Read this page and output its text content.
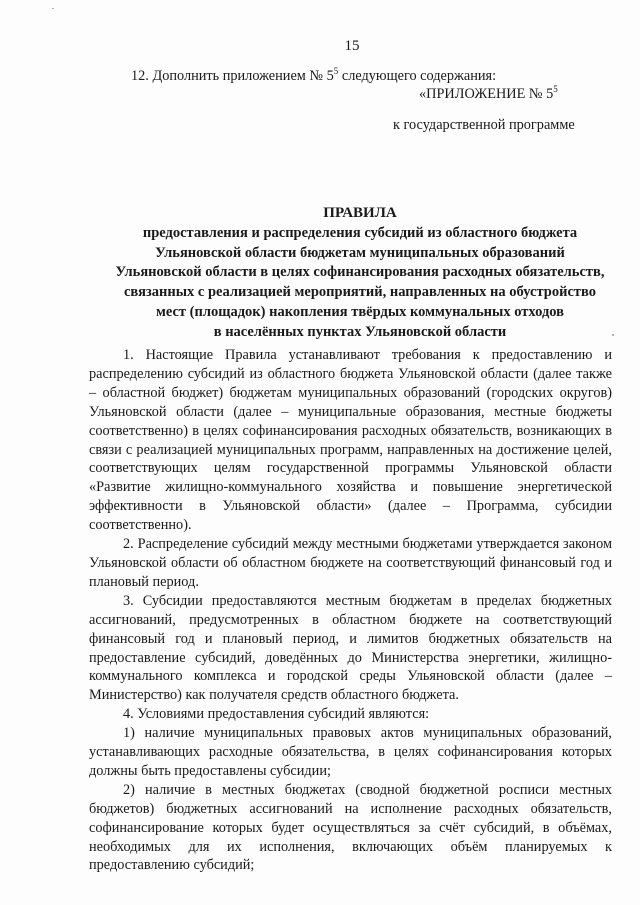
15
12. Дополнить приложением № $5^5$ следующего содержания:
«ПРИЛОЖЕНИЕ № $5^5$
к государственной программе
ПРАВИЛА
предоставления и распределения субсидий из областного бюджета
Ульяновской области бюджетам муниципальных образований
Ульяновской области в целях софинансирования расходных обязательств,
связанных с реализацией мероприятий, направленных на обустройство
мест (площадок) накопления твёрдых коммунальных отходов
в населённых пунктах Ульяновской области

1. Настоящие Правила устанавливают требования к предоставлению и распределению субсидий из областного бюджета Ульяновской области (далее также – областной бюджет) бюджетам муниципальных образований (городских округов) Ульяновской области (далее – муниципальные образования, местные бюджеты соответственно) в целях софинансирования расходных обязательств, возникающих в связи с реализацией муниципальных программ, направленных на достижение целей, соответствующих целям государственной программы Ульяновской области «Развитие жилищно-коммунального хозяйства и повышение энергетической эффективности в Ульяновской области» (далее – Программа, субсидии соответственно).

2. Распределение субсидий между местными бюджетами утверждается законом Ульяновской области об областном бюджете на соответствующий финансовый год и плановый период.

3. Субсидии предоставляются местным бюджетам в пределах бюджетных ассигнований, предусмотренных в областном бюджете на соответствующий финансовый год и плановый период, и лимитов бюджетных обязательств на предоставление субсидий, доведённых до Министерства энергетики, жилищно-коммунального комплекса и городской среды Ульяновской области (далее – Министерство) как получателя средств областного бюджета.

4. Условиями предоставления субсидий являются:

1) наличие муниципальных правовых актов муниципальных образований, устанавливающих расходные обязательства, в целях софинансирования которых должны быть предоставлены субсидии;

2) наличие в местных бюджетах (сводной бюджетной росписи местных бюджетов) бюджетных ассигнований на исполнение расходных обязательств, софинансирование которых будет осуществляться за счёт субсидий, в объёмах, необходимых для их исполнения, включающих объём планируемых к предоставлению субсидий;
